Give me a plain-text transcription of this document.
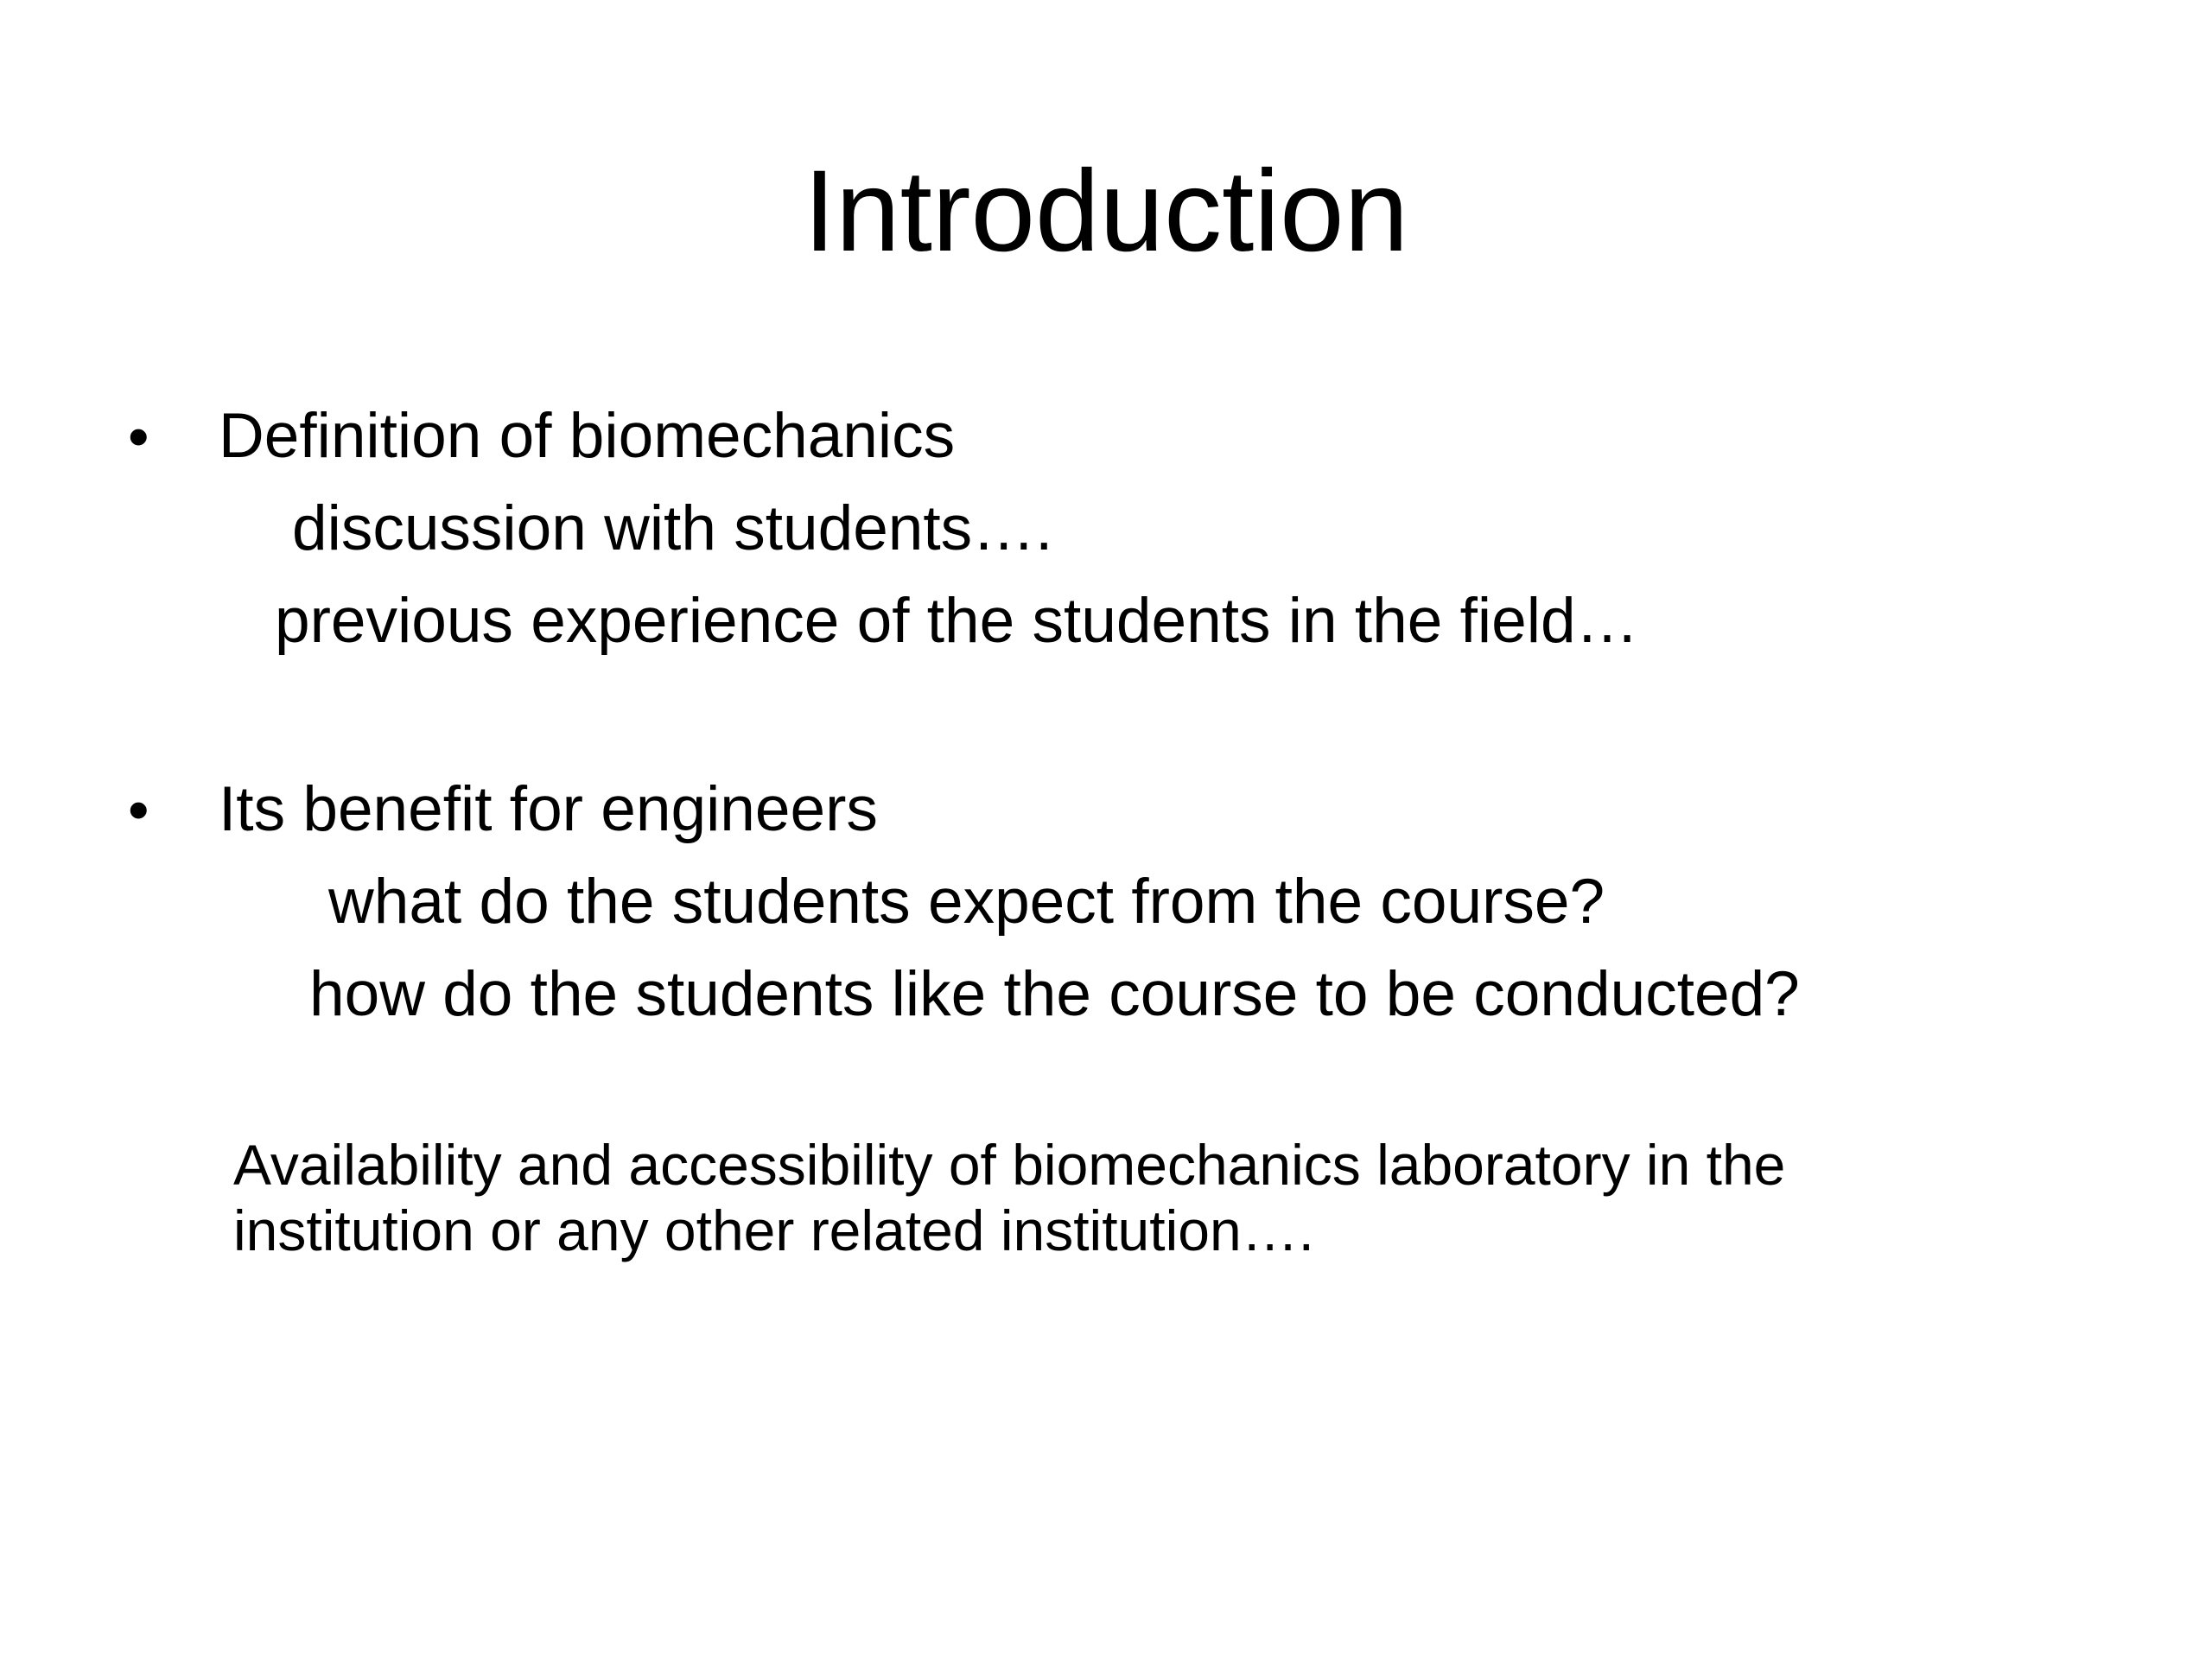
Introduction
• Definition of biomechanics
discussion with students….
previous experience of the students in the field…
• Its benefit for engineers
what do the students expect from the course?
how do the students like the course to be conducted?
Availability and accessibility of biomechanics laboratory in the
institution or any other related institution….
